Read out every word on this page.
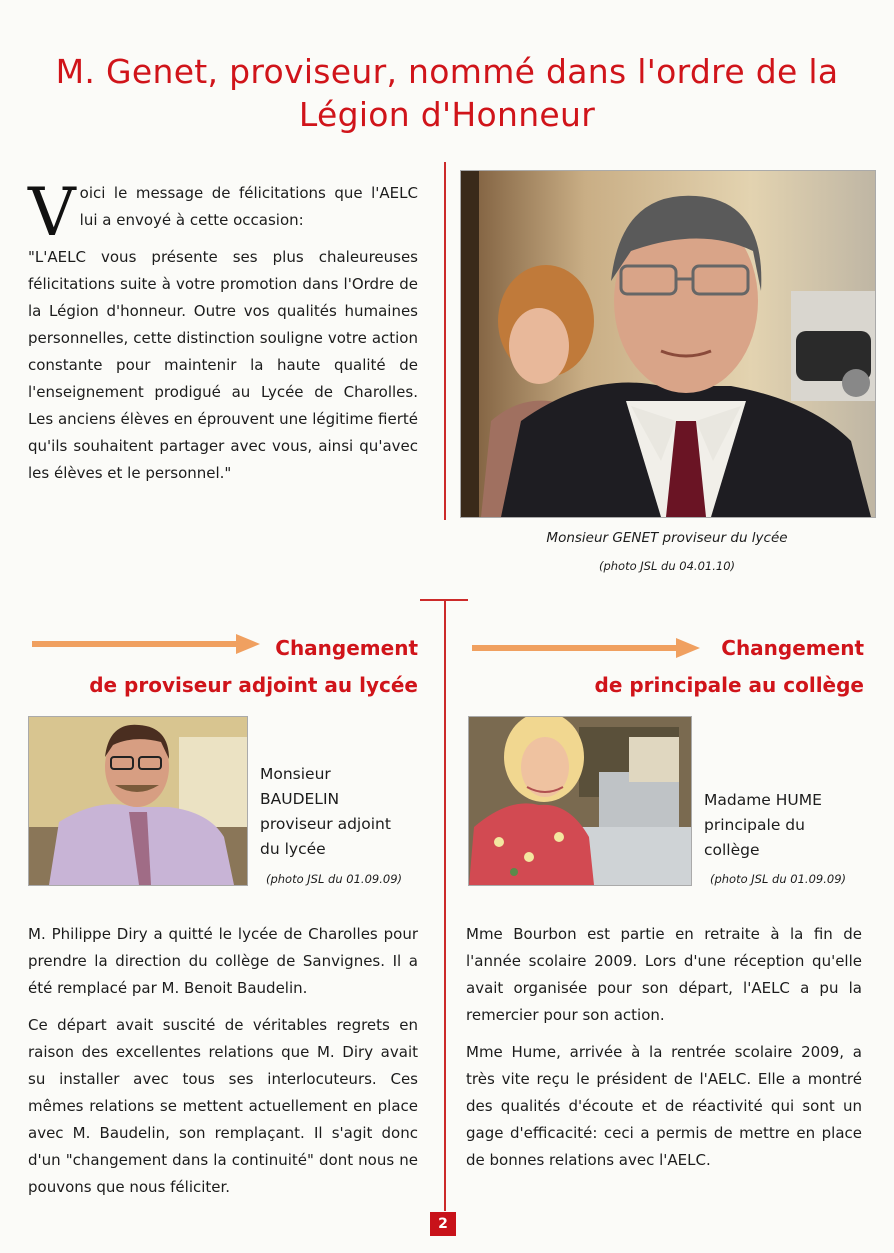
M. Genet, proviseur, nommé dans l'ordre de la
Légion d'Honneur

Voici le message de félicitations que l'AELC lui a envoyé à cette occasion:

"L'AELC vous présente ses plus chaleureuses félicitations suite à votre promotion dans l'Ordre de la Légion d'honneur. Outre vos qualités humaines personnelles, cette distinction souligne votre action constante pour maintenir la haute qualité de l'enseignement prodigué au Lycée de Charolles. Les anciens élèves en éprouvent une légitime fierté qu'ils souhaitent partager avec vous, ainsi qu'avec les élèves et le personnel."

Monsieur GENET proviseur du lycée
(photo JSL du 04.01.10)
Changement
de proviseur adjoint au lycée
Changement
de principale au collège
Monsieur
BAUDELIN
proviseur adjoint
du lycée
(photo JSL du 01.09.09)
Madame HUME
principale du
collège
(photo JSL du 01.09.09)

M. Philippe Diry a quitté le lycée de Charolles pour prendre la direction du collège de Sanvignes. Il a été remplacé par M. Benoit Baudelin.

Ce départ avait suscité de véritables regrets en raison des excellentes relations que M. Diry avait su installer avec tous ses interlocuteurs. Ces mêmes relations se mettent actuellement en place avec M. Baudelin, son remplaçant. Il s'agit donc d'un "changement dans la continuité" dont nous ne pouvons que nous féliciter.

Mme Bourbon est partie en retraite à la fin de l'année scolaire 2009. Lors d'une réception qu'elle avait organisée pour son départ, l'AELC a pu la remercier pour son action.

Mme Hume, arrivée à la rentrée scolaire 2009, a très vite reçu le président de l'AELC. Elle a montré des qualités d'écoute et de réactivité qui sont un gage d'efficacité: ceci a permis de mettre en place de bonnes relations avec l'AELC.

2
